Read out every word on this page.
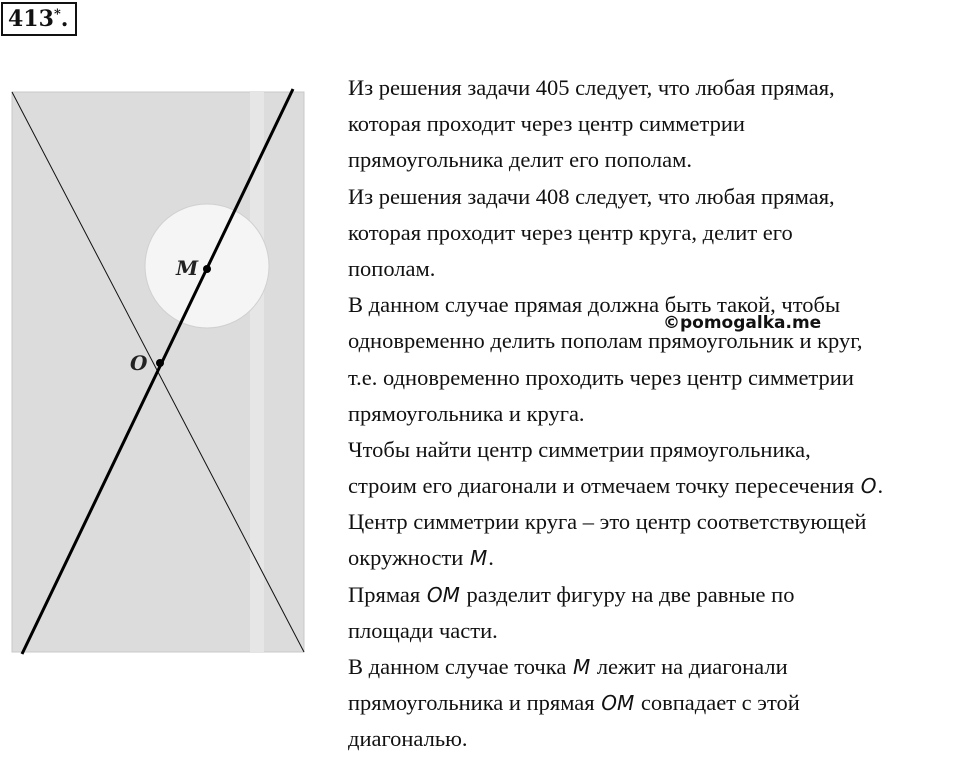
413*.
M
O
Из решения задачи 405 следует, что любая прямая,
которая проходит через центр симметрии
прямоугольника делит его пополам.
Из решения задачи 408 следует, что любая прямая,
которая проходит через центр круга, делит его
пополам.
В данном случае прямая должна быть такой, чтобы
одновременно делить пополам прямоугольник и круг,
т.е. одновременно проходить через центр симметрии
прямоугольника и круга.
Чтобы найти центр симметрии прямоугольника,
строим его диагонали и отмечаем точку пересечения O.
Центр симметрии круга – это центр соответствующей
окружности M.
Прямая OM разделит фигуру на две равные по
площади части.
В данном случае точка M лежит на диагонали
прямоугольника и прямая OM совпадает с этой
диагональю.
©pomogalka.me
